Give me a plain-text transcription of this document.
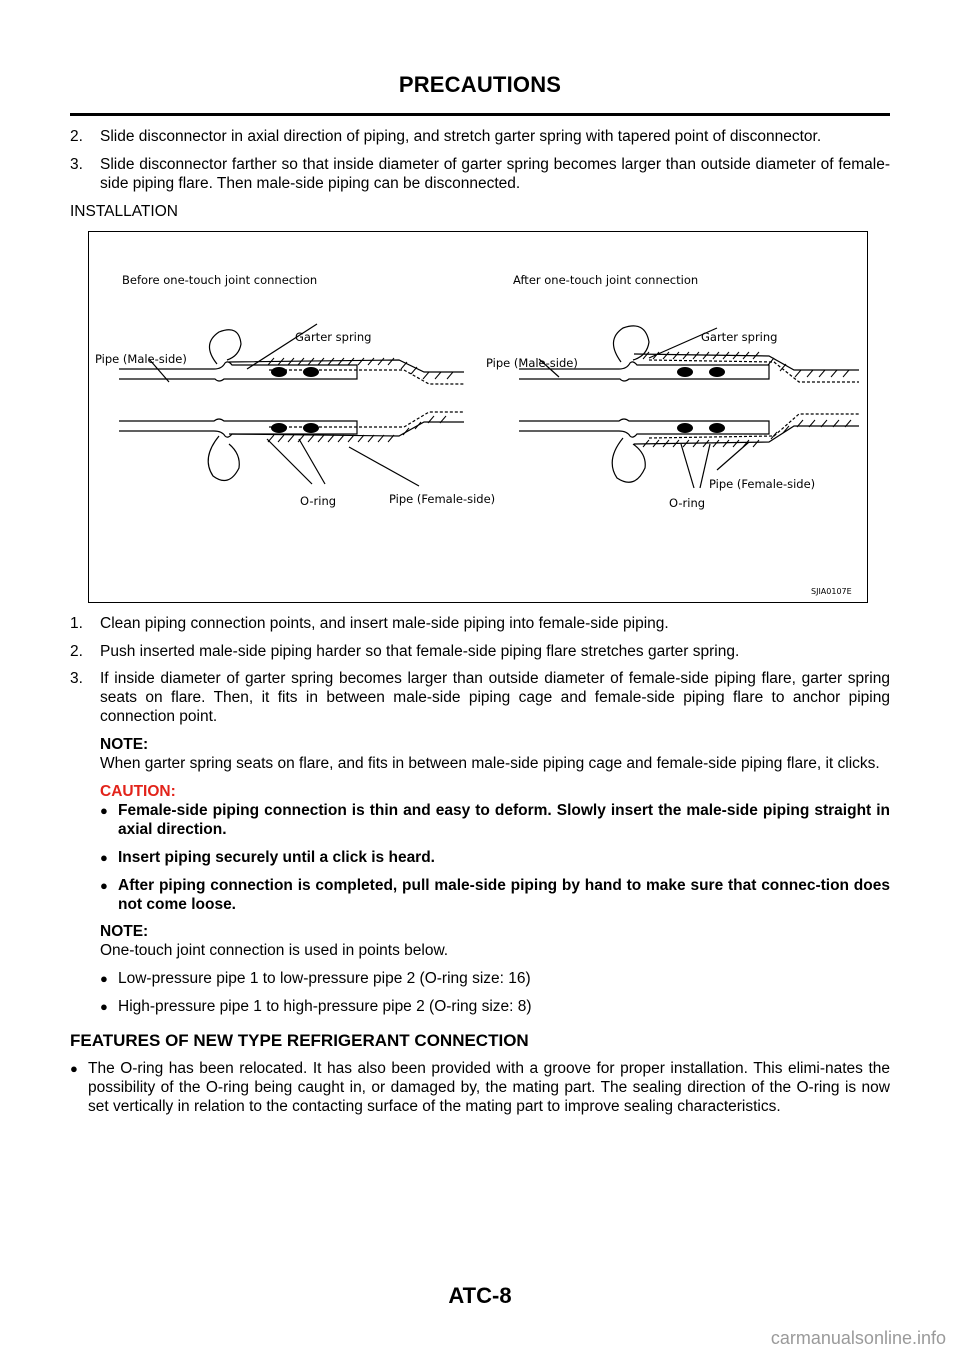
PRECAUTIONS
2.	Slide disconnector in axial direction of piping, and stretch garter spring with tapered point of disconnector.
3.	Slide disconnector farther so that inside diameter of garter spring becomes larger than outside diameter of female-side piping flare. Then male-side piping can be disconnected.
INSTALLATION
Before one-touch joint connection	After one-touch joint connection
Garter spring	Garter spring
Pipe (Male-side)	Pipe (Male-side)
O-ring	Pipe (Female-side)	O-ring
Pipe (Female-side)
SJIA0107E
1.	Clean piping connection points, and insert male-side piping into female-side piping.
2.	Push inserted male-side piping harder so that female-side piping flare stretches garter spring.
3.	If inside diameter of garter spring becomes larger than outside diameter of female-side piping flare, garter spring seats on flare. Then, it fits in between male-side piping cage and female-side piping flare to anchor piping connection point.
NOTE:
When garter spring seats on flare, and fits in between male-side piping cage and female-side piping flare, it clicks.
CAUTION:
● Female-side piping connection is thin and easy to deform. Slowly insert the male-side piping straight in axial direction.
● Insert piping securely until a click is heard.
● After piping connection is completed, pull male-side piping by hand to make sure that connec-tion does not come loose.
NOTE:
One-touch joint connection is used in points below.
● Low-pressure pipe 1 to low-pressure pipe 2 (O-ring size: 16)
● High-pressure pipe 1 to high-pressure pipe 2 (O-ring size: 8)
FEATURES OF NEW TYPE REFRIGERANT CONNECTION
● The O-ring has been relocated. It has also been provided with a groove for proper installation. This elimi-nates the possibility of the O-ring being caught in, or damaged by, the mating part. The sealing direction of the O-ring is now set vertically in relation to the contacting surface of the mating part to improve sealing characteristics.
ATC-8
carmanualsonline.info
